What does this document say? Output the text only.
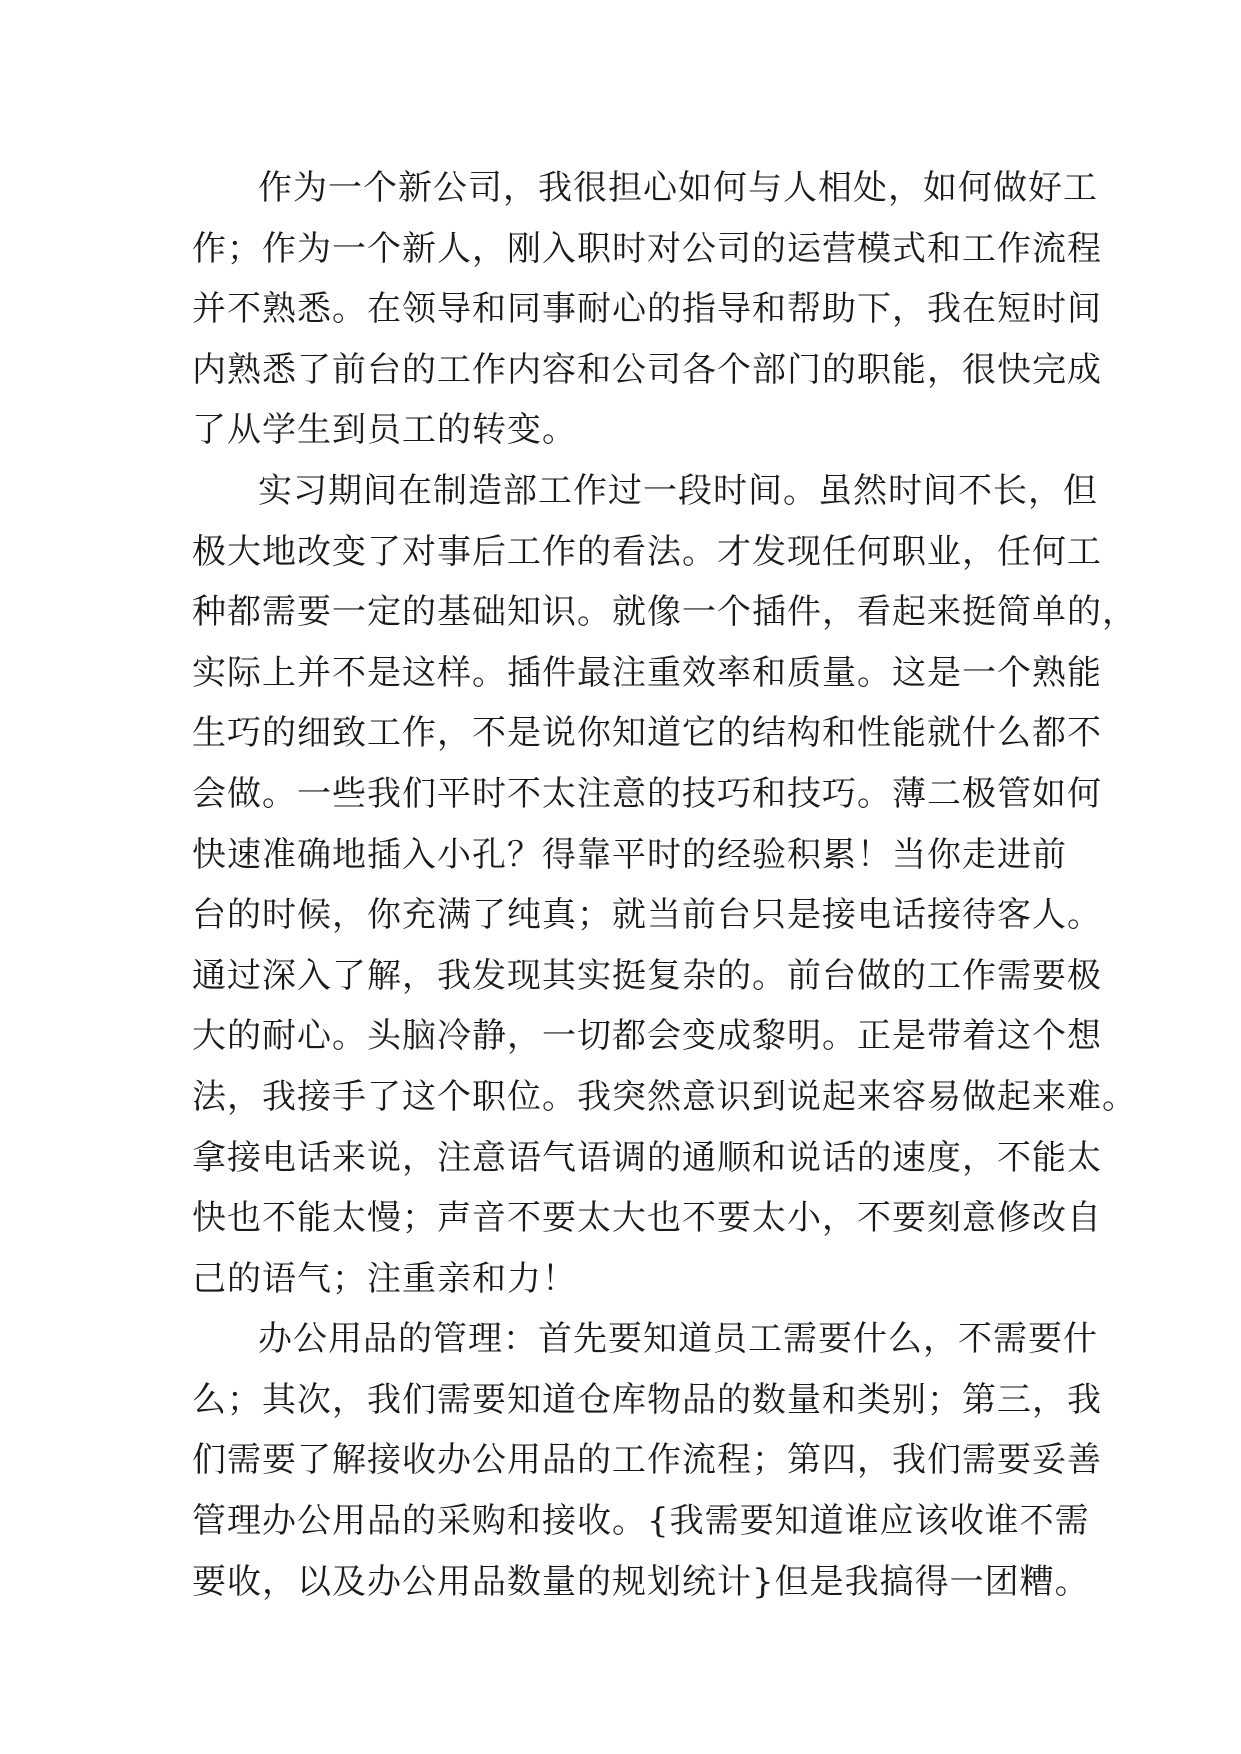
作为一个新公司，我很担心如何与人相处，如何做好工
作；作为一个新人，刚入职时对公司的运营模式和工作流程
并不熟悉。在领导和同事耐心的指导和帮助下，我在短时间
内熟悉了前台的工作内容和公司各个部门的职能，很快完成
了从学生到员工的转变。
实习期间在制造部工作过一段时间。虽然时间不长，但
极大地改变了对事后工作的看法。才发现任何职业，任何工
种都需要一定的基础知识。就像一个插件，看起来挺简单的，
实际上并不是这样。插件最注重效率和质量。这是一个熟能
生巧的细致工作，不是说你知道它的结构和性能就什么都不
会做。一些我们平时不太注意的技巧和技巧。薄二极管如何
快速准确地插入小孔？得靠平时的经验积累！当你走进前
台的时候，你充满了纯真；就当前台只是接电话接待客人。
通过深入了解，我发现其实挺复杂的。前台做的工作需要极
大的耐心。头脑冷静，一切都会变成黎明。正是带着这个想
法，我接手了这个职位。我突然意识到说起来容易做起来难。
拿接电话来说，注意语气语调的通顺和说话的速度，不能太
快也不能太慢；声音不要太大也不要太小，不要刻意修改自
己的语气；注重亲和力！
办公用品的管理：首先要知道员工需要什么，不需要什
么；其次，我们需要知道仓库物品的数量和类别；第三，我
们需要了解接收办公用品的工作流程；第四，我们需要妥善
管理办公用品的采购和接收。{我需要知道谁应该收谁不需
要收，以及办公用品数量的规划统计}但是我搞得一团糟。
